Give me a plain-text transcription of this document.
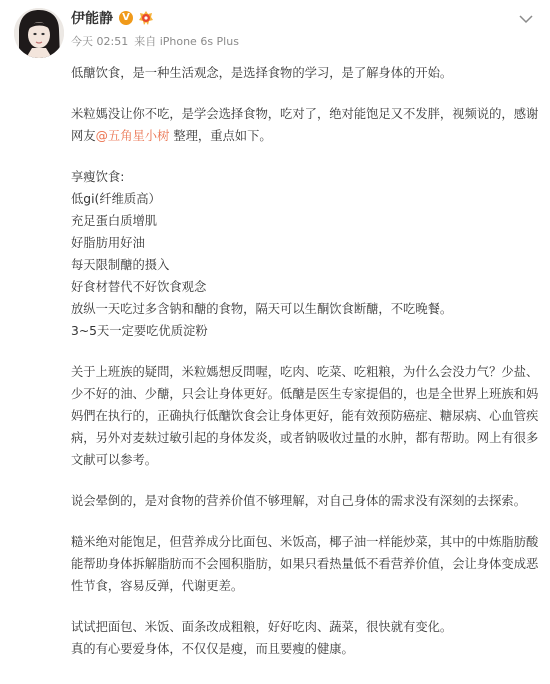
伊能静 V
今天 02:51 来自 iPhone 6s Plus

低醣饮食，是一种生活观念，是选择食物的学习，是了解身体的开始。

米粒媽没让你不吃，是学会选择食物，吃对了，绝对能饱足又不发胖，视频说的，感谢网友@五角星小树 整理，重点如下。

享瘦饮食:

低gi(纤维质高）

充足蛋白质增肌

好脂肪用好油

每天限制醣的摄入

好食材替代不好饮食观念

放纵一天吃过多含钠和醣的食物，隔天可以生酮饮食断醣，不吃晚餐。

3~5天一定要吃优质淀粉

关于上班族的疑問，米粒媽想反問喔，吃肉、吃菜、吃粗粮，为什么会没力气？少盐、少不好的油、少醣，只会让身体更好。低醣是医生专家提倡的，也是全世界上班族和妈妈們在执行的，正确执行低醣饮食会让身体更好，能有效预防癌症、糖尿病、心血管疾病，另外对麦麸过敏引起的身体发炎，或者钠吸收过量的水肿，都有帮助。网上有很多文献可以参考。

说会晕倒的，是对食物的营养价值不够理解，对自己身体的需求没有深刻的去探索。

糙米绝对能饱足，但营养成分比面包、米饭高，椰子油一样能炒菜，其中的中炼脂肪酸能帮助身体拆解脂肪而不会囤积脂肪，如果只看热量低不看营养价值，会让身体变成恶性节食，容易反弹，代谢更差。

试试把面包、米饭、面条改成粗粮，好好吃肉、蔬菜，很快就有变化。

真的有心要爱身体，不仅仅是瘦，而且要瘦的健康。
